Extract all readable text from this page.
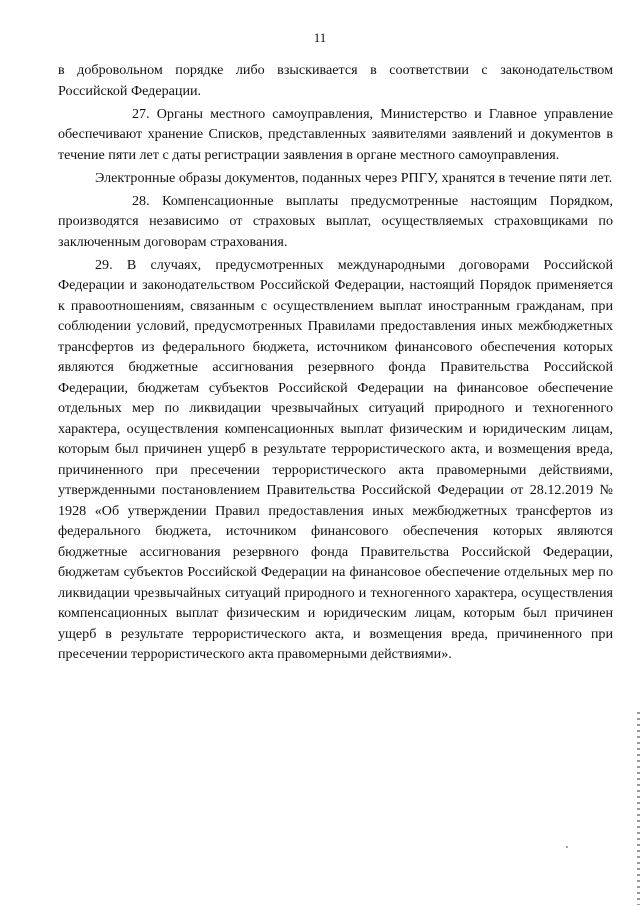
11

в добровольном порядке либо взыскивается в соответствии с законодательством Российской Федерации.

27. Органы местного самоуправления, Министерство и Главное управление обеспечивают хранение Списков, представленных заявителями заявлений и документов в течение пяти лет с даты регистрации заявления в органе местного самоуправления.

Электронные образы документов, поданных через РПГУ, хранятся в течение пяти лет.

28. Компенсационные выплаты предусмотренные настоящим Порядком, производятся независимо от страховых выплат, осуществляемых страховщиками по заключенным договорам страхования.

29. В случаях, предусмотренных международными договорами Российской Федерации и законодательством Российской Федерации, настоящий Порядок применяется к правоотношениям, связанным с осуществлением выплат иностранным гражданам, при соблюдении условий, предусмотренных Правилами предоставления иных межбюджетных трансфертов из федерального бюджета, источником финансового обеспечения которых являются бюджетные ассигнования резервного фонда Правительства Российской Федерации, бюджетам субъектов Российской Федерации на финансовое обеспечение отдельных мер по ликвидации чрезвычайных ситуаций природного и техногенного характера, осуществления компенсационных выплат физическим и юридическим лицам, которым был причинен ущерб в результате террористического акта, и возмещения вреда, причиненного при пресечении террористического акта правомерными действиями, утвержденными постановлением Правительства Российской Федерации от 28.12.2019 № 1928 «Об утверждении Правил предоставления иных межбюджетных трансфертов из федерального бюджета, источником финансового обеспечения которых являются бюджетные ассигнования резервного фонда Правительства Российской Федерации, бюджетам субъектов Российской Федерации на финансовое обеспечение отдельных мер по ликвидации чрезвычайных ситуаций природного и техногенного характера, осуществления компенсационных выплат физическим и юридическим лицам, которым был причинен ущерб в результате террористического акта, и возмещения вреда, причиненного при пресечении террористического акта правомерными действиями».
